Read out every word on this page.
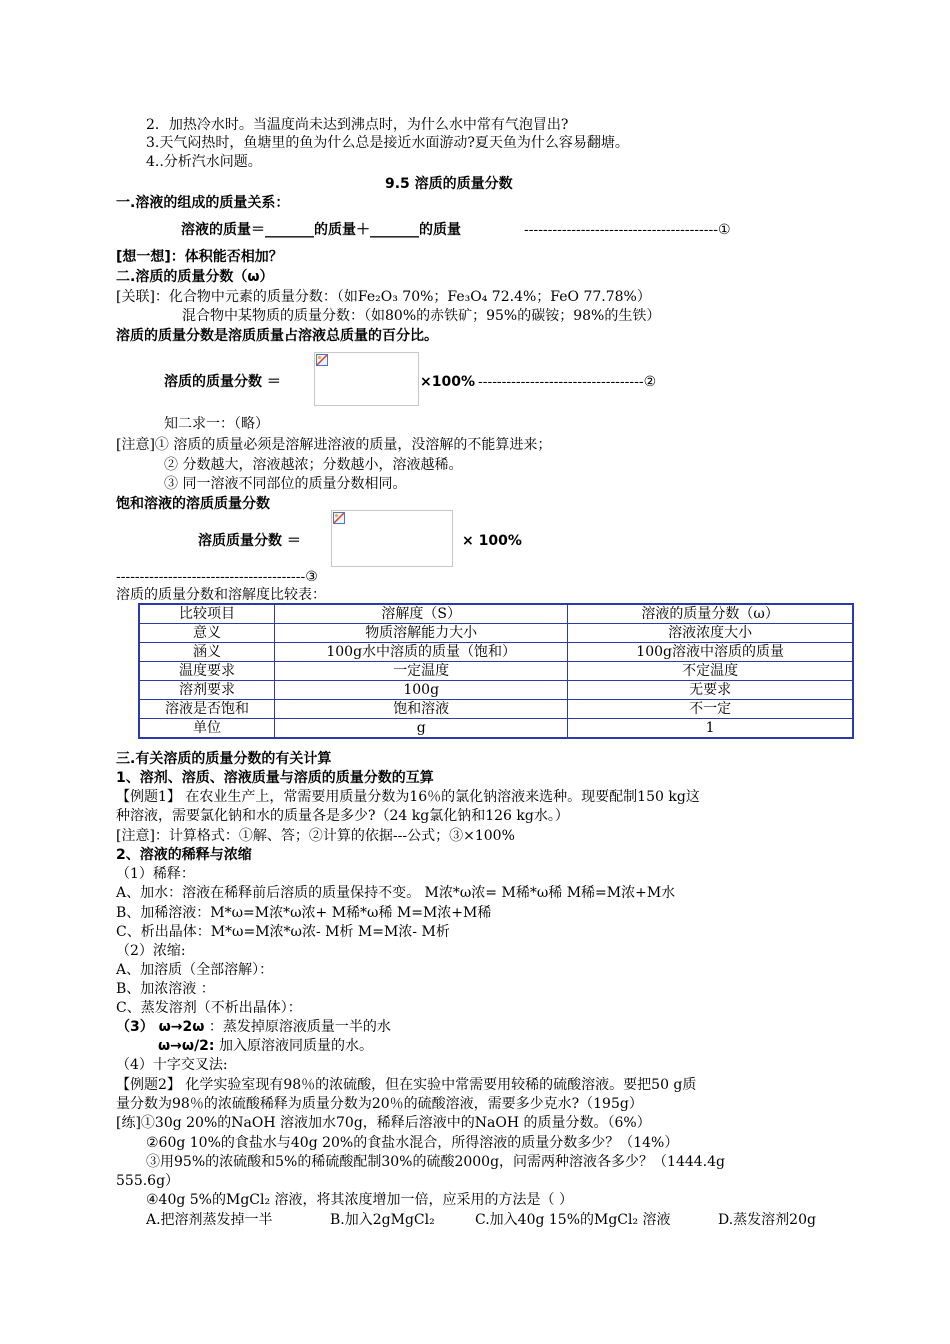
2．加热冷水时。当温度尚未达到沸点时，为什么水中常有气泡冒出?
3.天气闷热时，鱼塘里的鱼为什么总是接近水面游动?夏天鱼为什么容易翻塘。
4..分析汽水问题。
9.5 溶质的质量分数
一.溶液的组成的质量关系：
溶液的质量＝_______的质量＋_______的质量	-----------------------------------------①
[想一想]：体积能否相加？
二.溶质的质量分数（ω）
[关联]：化合物中元素的质量分数：（如Fe₂O₃ 70%；Fe₃O₄ 72.4%；FeO 77.78%）
混合物中某物质的质量分数：（如80%的赤铁矿；95%的碳铵；98%的生铁）
溶质的质量分数是溶质质量占溶液总质量的百分比。
溶质的质量分数 ＝	×100% -----------------------------------②
知二求一：（略）
[注意]① 溶质的质量必须是溶解进溶液的质量，没溶解的不能算进来；
② 分数越大，溶液越浓；分数越小，溶液越稀。
③ 同一溶液不同部位的质量分数相同。
饱和溶液的溶质质量分数
溶质质量分数 ＝	× 100%
----------------------------------------③
溶质的质量分数和溶解度比较表：
比较项目	溶解度（S）	溶液的质量分数（ω）
意义	物质溶解能力大小	溶液浓度大小
涵义	100g水中溶质的质量（饱和）	100g溶液中溶质的质量
温度要求	一定温度	不定温度
溶剂要求	100g	无要求
溶液是否饱和	饱和溶液	不一定
单位	g	1
三.有关溶质的质量分数的有关计算
1、溶剂、溶质、溶液质量与溶质的质量分数的互算
【例题1】 在农业生产上，常需要用质量分数为16％的氯化钠溶液来选种。现要配制150 kg这
种溶液，需要氯化钠和水的质量各是多少?（24 kg氯化钠和126 kg水。）
[注意]：计算格式：①解、答；②计算的依据---公式；③×100%
2、溶液的稀释与浓缩
（1）稀释：
A、加水：溶液在稀释前后溶质的质量保持不变。 M浓*ω浓= M稀*ω稀 M稀=M浓+M水
B、加稀溶液：M*ω=M浓*ω浓+ M稀*ω稀 M=M浓+M稀
C、析出晶体：M*ω=M浓*ω浓- M析 M=M浓- M析
（2）浓缩:
A、加溶质（全部溶解）：
B、加浓溶液 ：
C、蒸发溶剂（不析出晶体）：
（3） ω→2ω ：蒸发掉原溶液质量一半的水
ω→ω/2: 加入原溶液同质量的水。
（4）十字交叉法:
【例题2】 化学实验室现有98％的浓硫酸，但在实验中常需要用较稀的硫酸溶液。要把50 g质
量分数为98％的浓硫酸稀释为质量分数为20％的硫酸溶液，需要多少克水?（195g）
[练]①30g 20%的NaOH 溶液加水70g，稀释后溶液中的NaOH 的质量分数。（6%）
②60g 10%的食盐水与40g 20%的食盐水混合，所得溶液的质量分数多少？（14%）
③用95%的浓硫酸和5%的稀硫酸配制30%的硫酸2000g，问需两种溶液各多少？（1444.4g
555.6g）
④40g 5%的MgCl₂ 溶液，将其浓度增加一倍，应采用的方法是（ ）
A.把溶剂蒸发掉一半	B.加入2gMgCl₂	C.加入40g 15%的MgCl₂ 溶液	D.蒸发溶剂20g
